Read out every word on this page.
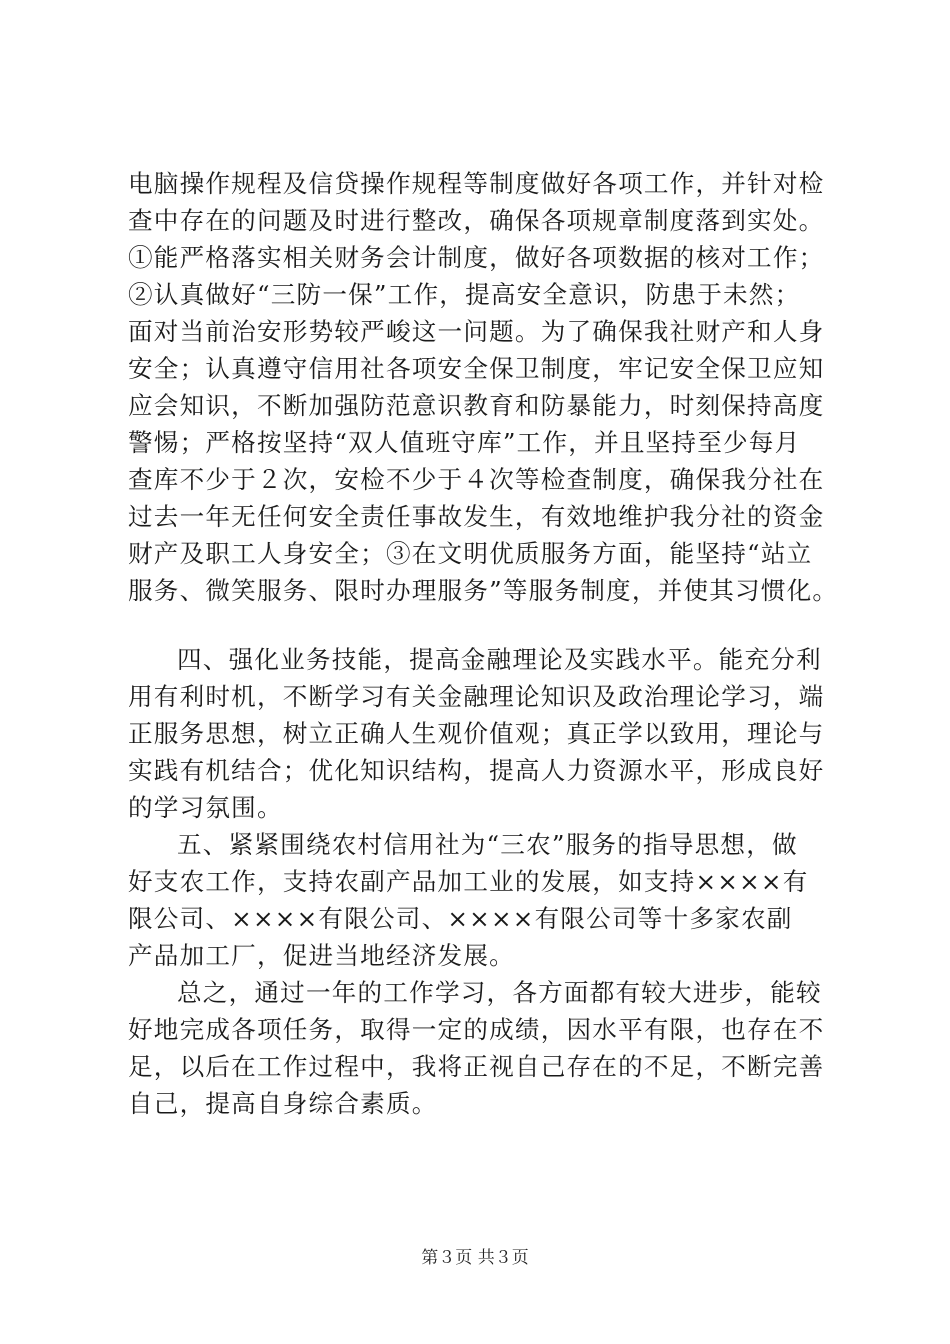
电脑操作规程及信贷操作规程等制度做好各项工作，并针对检
查中存在的问题及时进行整改，确保各项规章制度落到实处。
①能严格落实相关财务会计制度，做好各项数据的核对工作；
②认真做好“三防一保”工作，提高安全意识，防患于未然；
面对当前治安形势较严峻这一问题。为了确保我社财产和人身
安全；认真遵守信用社各项安全保卫制度，牢记安全保卫应知
应会知识，不断加强防范意识教育和防暴能力，时刻保持高度
警惕；严格按坚持“双人值班守库”工作，并且坚持至少每月
查库不少于２次，安检不少于４次等检查制度，确保我分社在
过去一年无任何安全责任事故发生，有效地维护我分社的资金
财产及职工人身安全；③在文明优质服务方面，能坚持“站立
服务、微笑服务、限时办理服务”等服务制度，并使其习惯化。
四、强化业务技能，提高金融理论及实践水平。能充分利
用有利时机，不断学习有关金融理论知识及政治理论学习，端
正服务思想，树立正确人生观价值观；真正学以致用，理论与
实践有机结合；优化知识结构，提高人力资源水平，形成良好
的学习氛围。
五、紧紧围绕农村信用社为“三农”服务的指导思想，做
好支农工作，支持农副产品加工业的发展，如支持××××有
限公司、××××有限公司、××××有限公司等十多家农副
产品加工厂，促进当地经济发展。
总之，通过一年的工作学习，各方面都有较大进步，能较
好地完成各项任务，取得一定的成绩，因水平有限，也存在不
足，以后在工作过程中，我将正视自己存在的不足，不断完善
自己，提高自身综合素质。
第３页 共３页
